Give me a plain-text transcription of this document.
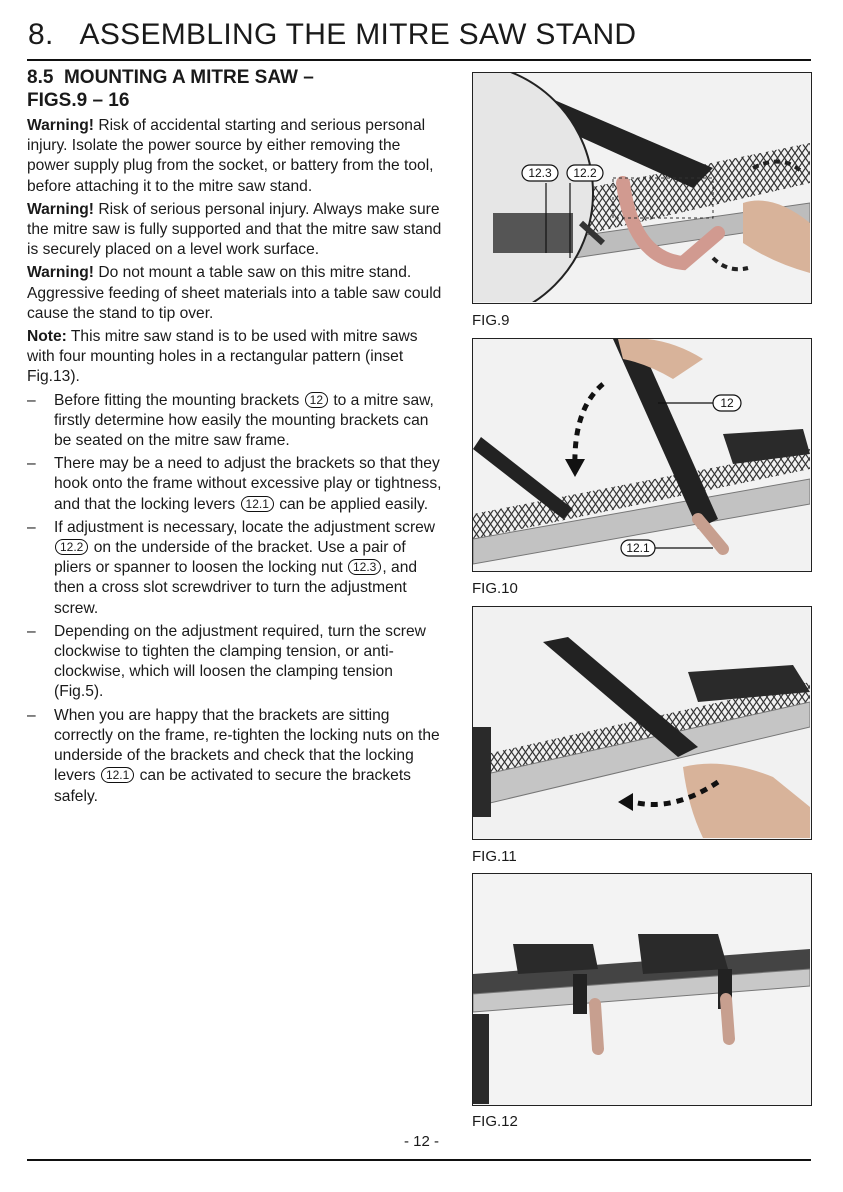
8.   ASSEMBLING THE MITRE SAW STAND
8.5  MOUNTING A MITRE SAW –
FIGS.9 – 16

Warning! Risk of accidental starting and serious personal injury. Isolate the power source by either removing the power supply plug from the socket, or battery from the tool, before attaching it to the mitre saw stand.

Warning! Risk of serious personal injury. Always make sure the mitre saw is fully supported and that the mitre saw stand is securely placed on a level work surface.

Warning! Do not mount a table saw on this mitre stand. Aggressive feeding of sheet materials into a table saw could cause the stand to tip over.

Note: This mitre saw stand is to be used with mitre saws with four mounting holes in a rectangular pattern (inset Fig.13).

– Before fitting the mounting brackets 12 to a mitre saw, firstly determine how easily the mounting brackets can be seated on the mitre saw frame.
– There may be a need to adjust the brackets so that they hook onto the frame without excessive play or tightness, and that the locking levers 12.1 can be applied easily.
– If adjustment is necessary, locate the adjustment screw 12.2 on the underside of the bracket. Use a pair of pliers or spanner to loosen the locking nut 12.3 , and then a cross slot screwdriver to turn the adjustment screw.
– Depending on the adjustment required, turn the screw clockwise to tighten the clamping tension, or anti-clockwise, which will loosen the clamping tension (Fig.5).
– When you are happy that the brackets are sitting correctly on the frame, re-tighten the locking nuts on the underside of the brackets and check that the locking levers 12.1 can be activated to secure the brackets safely.
12.3 12.2
FIG.9
12
12.1
FIG.10
FIG.11
FIG.12
- 12 -
